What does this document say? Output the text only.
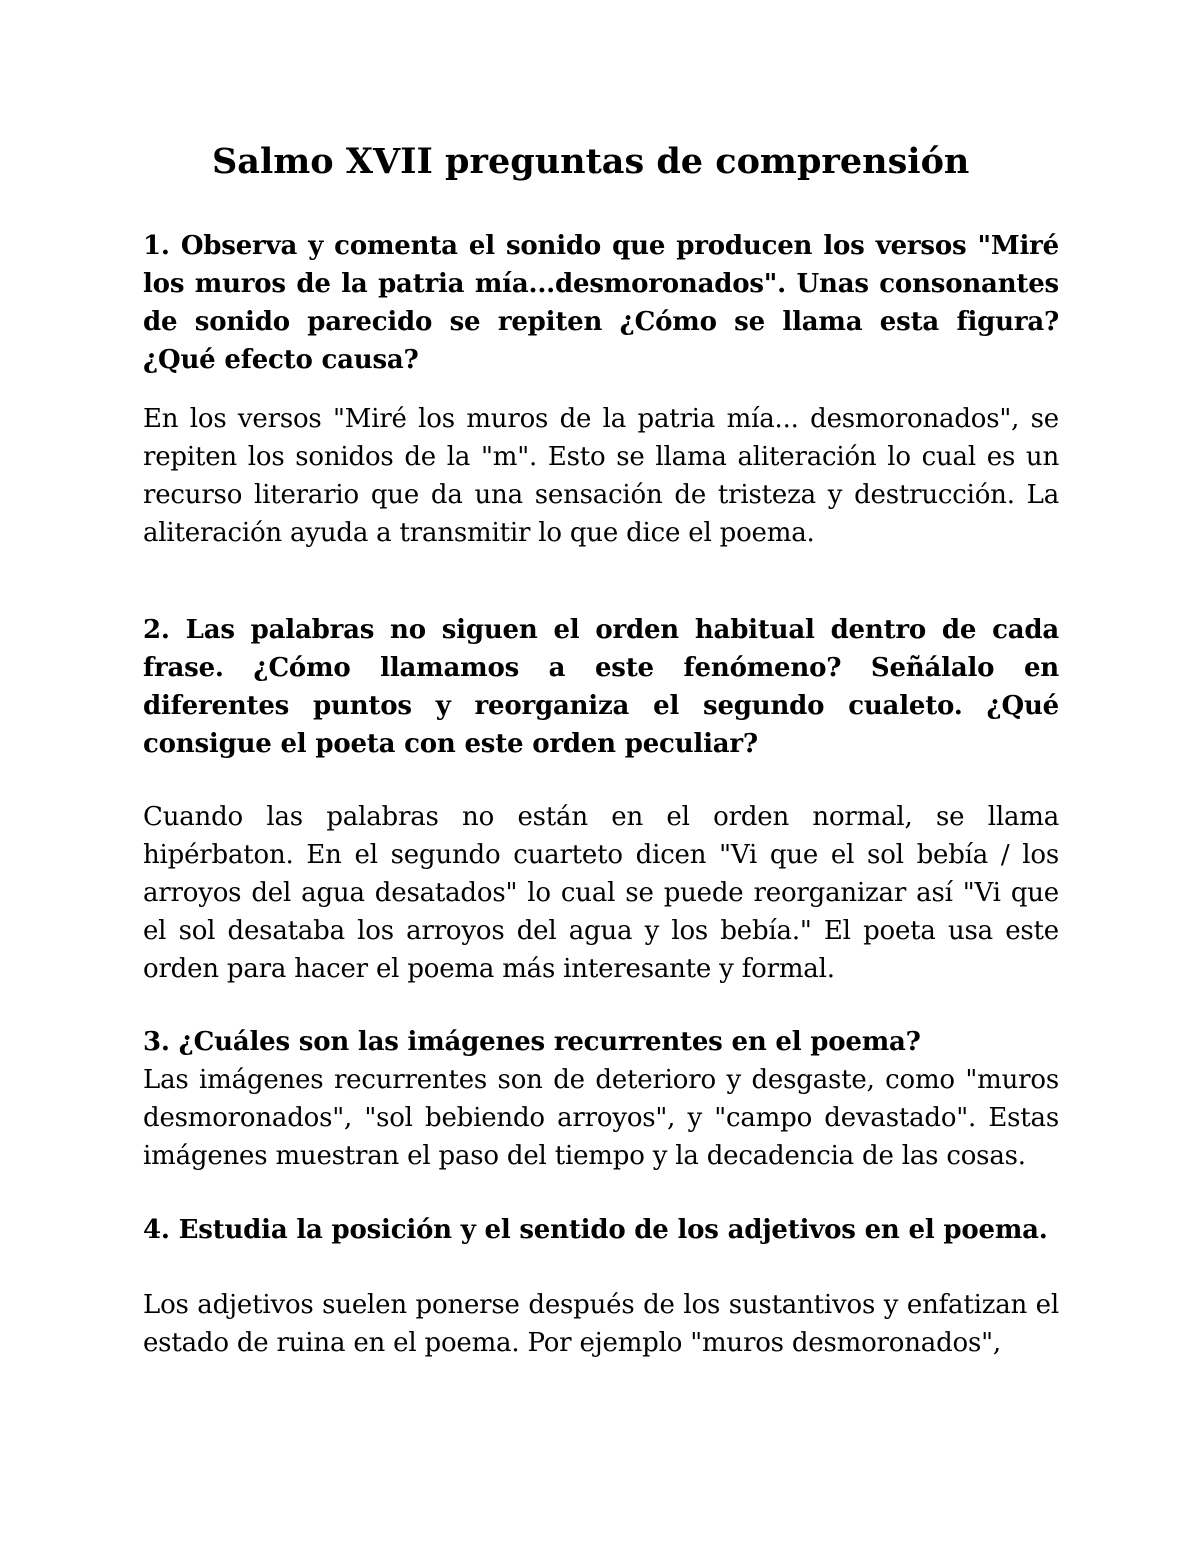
Salmo XVII preguntas de comprensión

1. Observa y comenta el sonido que producen los versos "Miré los muros de la patria mía...desmoronados". Unas consonantes de sonido parecido se repiten ¿Cómo se llama esta figura? ¿Qué efecto causa?

En los versos "Miré los muros de la patria mía... desmoronados", se repiten los sonidos de la "m". Esto se llama aliteración lo cual es un recurso literario que da una sensación de tristeza y destrucción. La aliteración ayuda a transmitir lo que dice el poema.

2. Las palabras no siguen el orden habitual dentro de cada frase. ¿Cómo llamamos a este fenómeno? Señálalo en diferentes puntos y reorganiza el segundo cualeto. ¿Qué consigue el poeta con este orden peculiar?

Cuando las palabras no están en el orden normal, se llama hipérbaton. En el segundo cuarteto dicen "Vi que el sol bebía / los arroyos del agua desatados" lo cual se puede reorganizar así "Vi que el sol desataba los arroyos del agua y los bebía." El poeta usa este orden para hacer el poema más interesante y formal.

3. ¿Cuáles son las imágenes recurrentes en el poema?

Las imágenes recurrentes son de deterioro y desgaste, como "muros desmoronados", "sol bebiendo arroyos", y "campo devastado". Estas imágenes muestran el paso del tiempo y la decadencia de las cosas.

4. Estudia la posición y el sentido de los adjetivos en el poema.

Los adjetivos suelen ponerse después de los sustantivos y enfatizan el estado de ruina en el poema. Por ejemplo "muros desmoronados",
